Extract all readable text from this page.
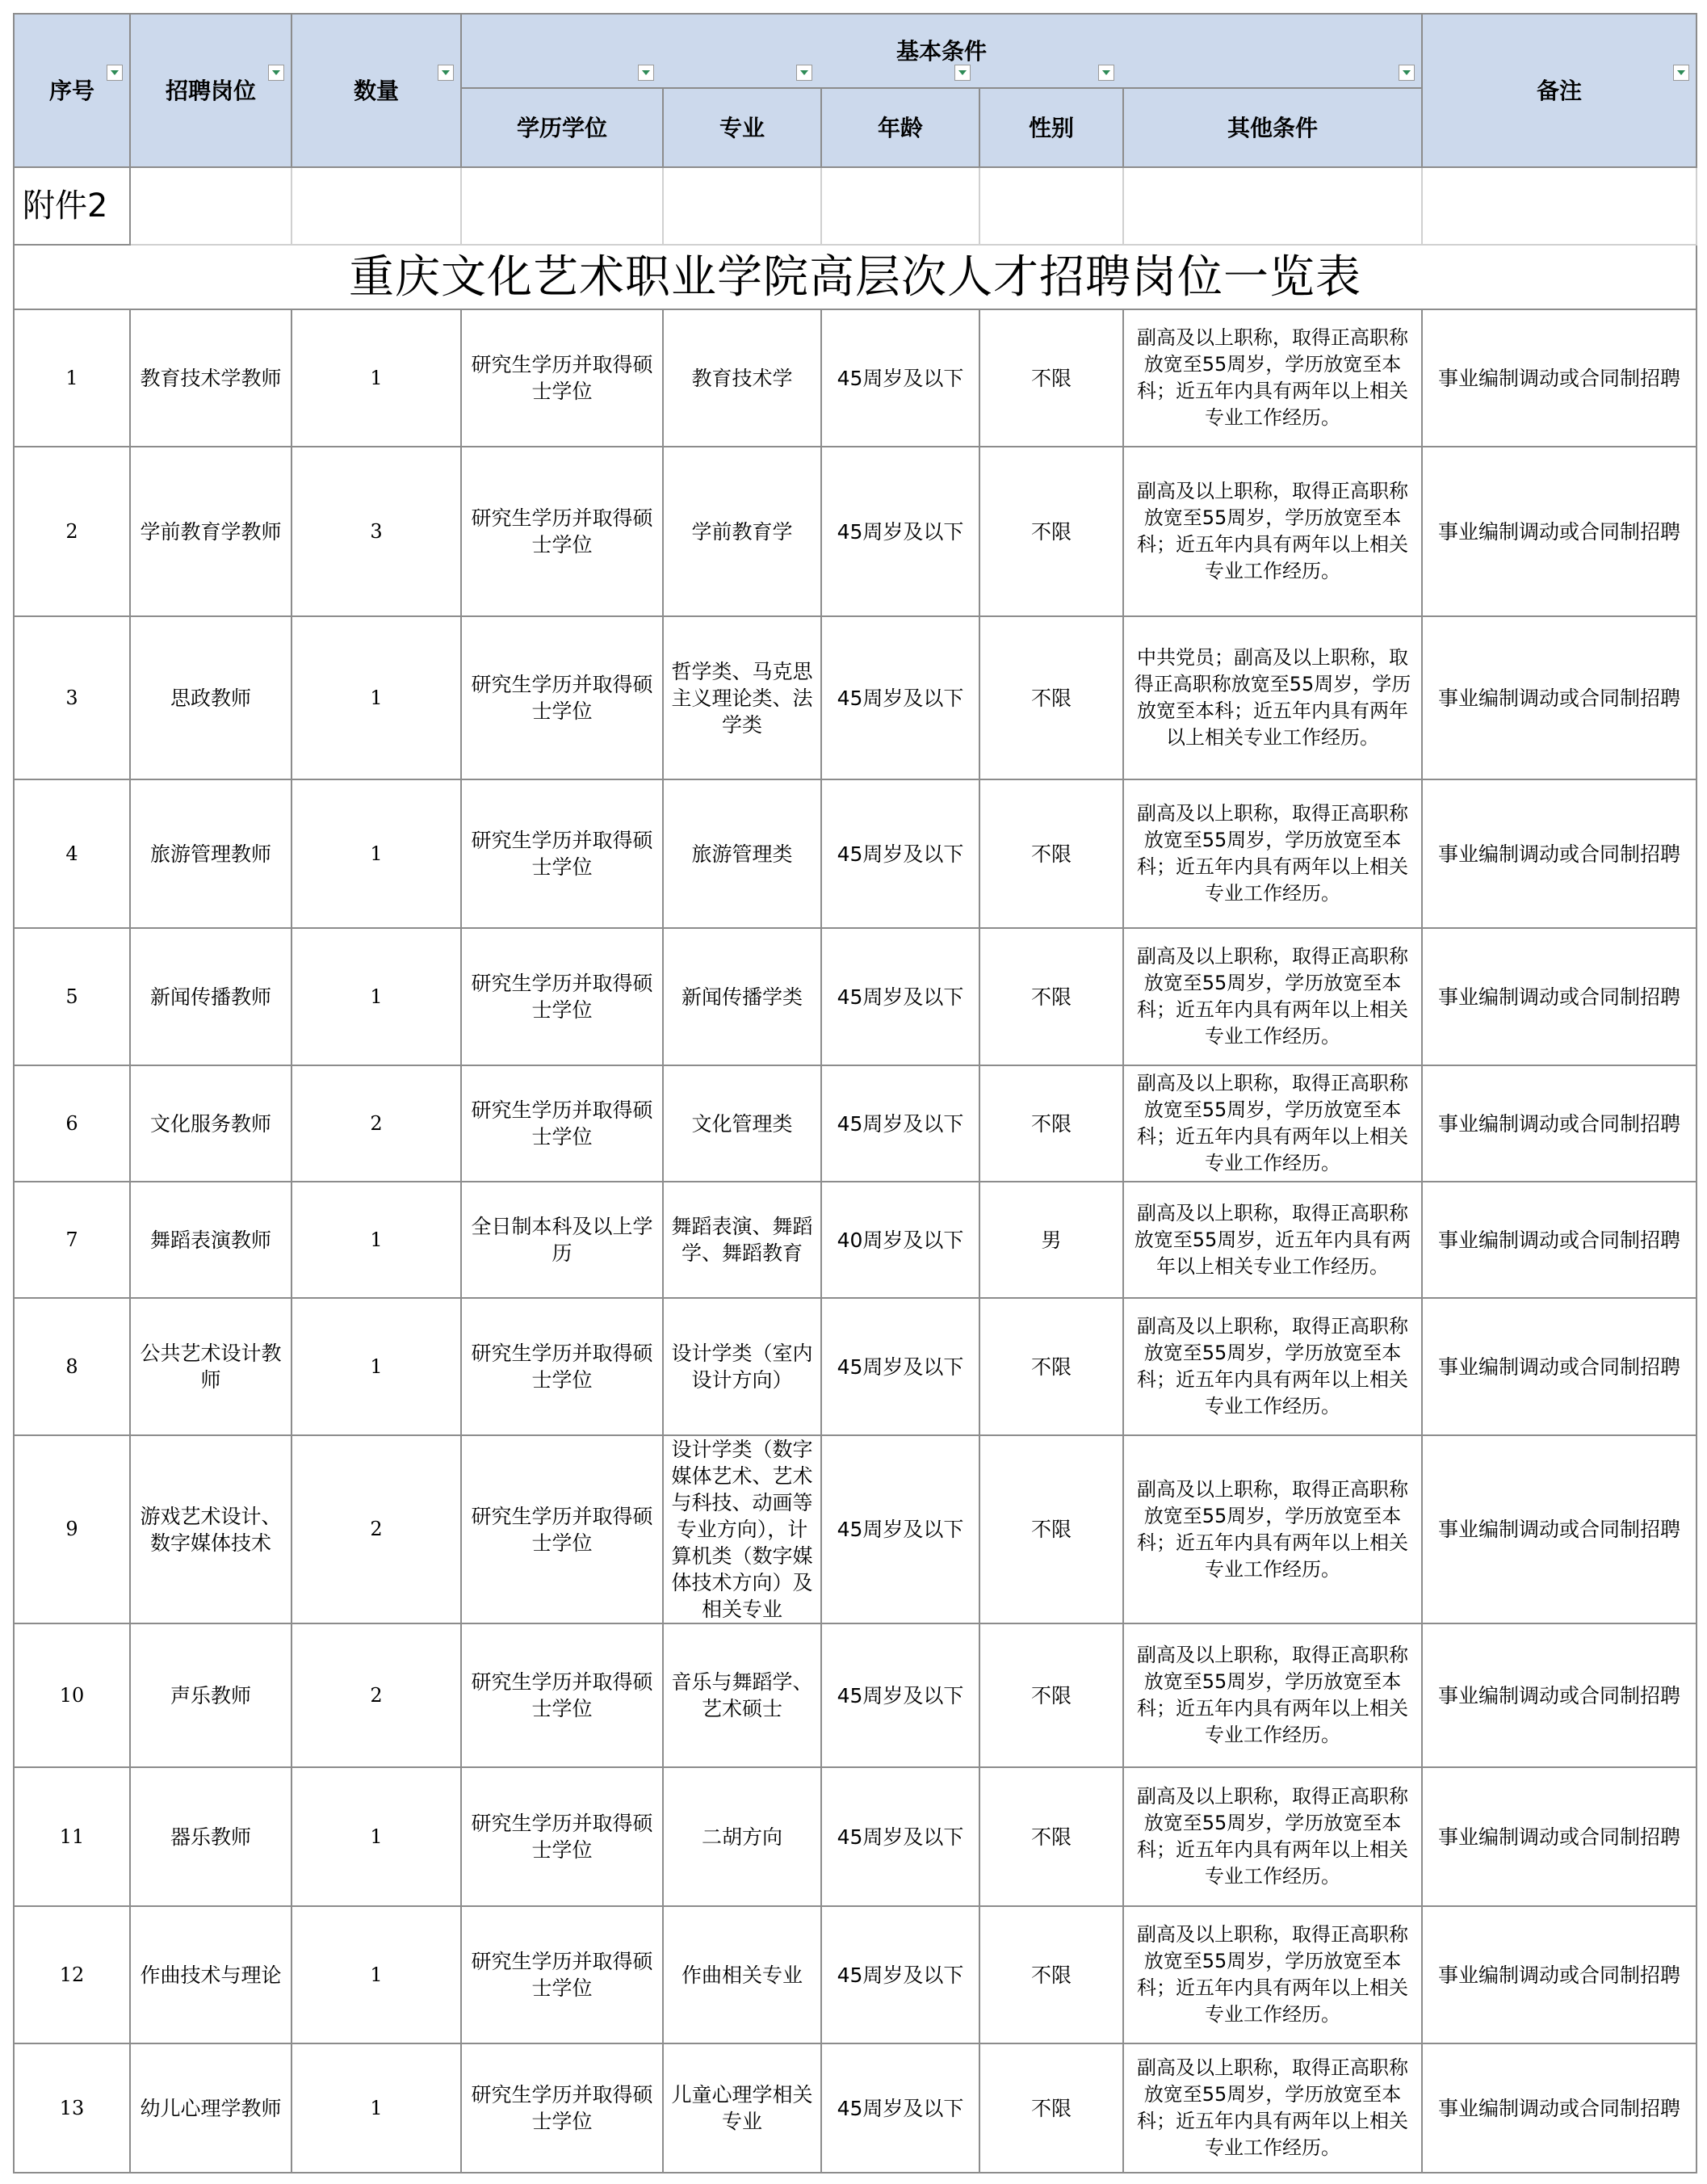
附件2								
重庆文化艺术职业学院高层次人才招聘岗位一览表								
序号	招聘岗位	数量	基本条件					备注

			学历学位	专业	年龄	性别	其他条件	
1	教育技术学教师	1	研究生学历并取得硕士学位	教育技术学	45周岁及以下	不限	副高及以上职称，取得正高职称放宽至55周岁，学历放宽至本科；近五年内具有两年以上相关专业工作经历。	事业编制调动或合同制招聘
2	学前教育学教师	3	研究生学历并取得硕士学位	学前教育学	45周岁及以下	不限	副高及以上职称，取得正高职称放宽至55周岁，学历放宽至本科；近五年内具有两年以上相关专业工作经历。	事业编制调动或合同制招聘
3	思政教师	1	研究生学历并取得硕士学位	哲学类、马克思主义理论类、法学类	45周岁及以下	不限	中共党员；副高及以上职称，取得正高职称放宽至55周岁，学历放宽至本科；近五年内具有两年以上相关专业工作经历。	事业编制调动或合同制招聘
4	旅游管理教师	1	研究生学历并取得硕士学位	旅游管理类	45周岁及以下	不限	副高及以上职称，取得正高职称放宽至55周岁，学历放宽至本科；近五年内具有两年以上相关专业工作经历。	事业编制调动或合同制招聘
5	新闻传播教师	1	研究生学历并取得硕士学位	新闻传播学类	45周岁及以下	不限	副高及以上职称，取得正高职称放宽至55周岁，学历放宽至本科；近五年内具有两年以上相关专业工作经历。	事业编制调动或合同制招聘
6	文化服务教师	2	研究生学历并取得硕士学位	文化管理类	45周岁及以下	不限	副高及以上职称，取得正高职称放宽至55周岁，学历放宽至本科；近五年内具有两年以上相关专业工作经历。	事业编制调动或合同制招聘
7	舞蹈表演教师	1	全日制本科及以上学历	舞蹈表演、舞蹈学、舞蹈教育	40周岁及以下	男	副高及以上职称，取得正高职称放宽至55周岁，近五年内具有两年以上相关专业工作经历。	事业编制调动或合同制招聘
8	公共艺术设计教师	1	研究生学历并取得硕士学位	设计学类（室内设计方向）	45周岁及以下	不限	副高及以上职称，取得正高职称放宽至55周岁，学历放宽至本科；近五年内具有两年以上相关专业工作经历。	事业编制调动或合同制招聘
9	游戏艺术设计、数字媒体技术	2	研究生学历并取得硕士学位	设计学类（数字媒体艺术、艺术与科技、动画等专业方向），计算机类（数字媒体技术方向）及相关专业	45周岁及以下	不限	副高及以上职称，取得正高职称放宽至55周岁，学历放宽至本科；近五年内具有两年以上相关专业工作经历。	事业编制调动或合同制招聘
10	声乐教师	2	研究生学历并取得硕士学位	音乐与舞蹈学、艺术硕士	45周岁及以下	不限	副高及以上职称，取得正高职称放宽至55周岁，学历放宽至本科；近五年内具有两年以上相关专业工作经历。	事业编制调动或合同制招聘
11	器乐教师	1	研究生学历并取得硕士学位	二胡方向	45周岁及以下	不限	副高及以上职称，取得正高职称放宽至55周岁，学历放宽至本科；近五年内具有两年以上相关专业工作经历。	事业编制调动或合同制招聘
12	作曲技术与理论	1	研究生学历并取得硕士学位	作曲相关专业	45周岁及以下	不限	副高及以上职称，取得正高职称放宽至55周岁，学历放宽至本科；近五年内具有两年以上相关专业工作经历。	事业编制调动或合同制招聘
13	幼儿心理学教师	1	研究生学历并取得硕士学位	儿童心理学相关专业	45周岁及以下	不限	副高及以上职称，取得正高职称放宽至55周岁，学历放宽至本科；近五年内具有两年以上相关专业工作经历。	事业编制调动或合同制招聘
